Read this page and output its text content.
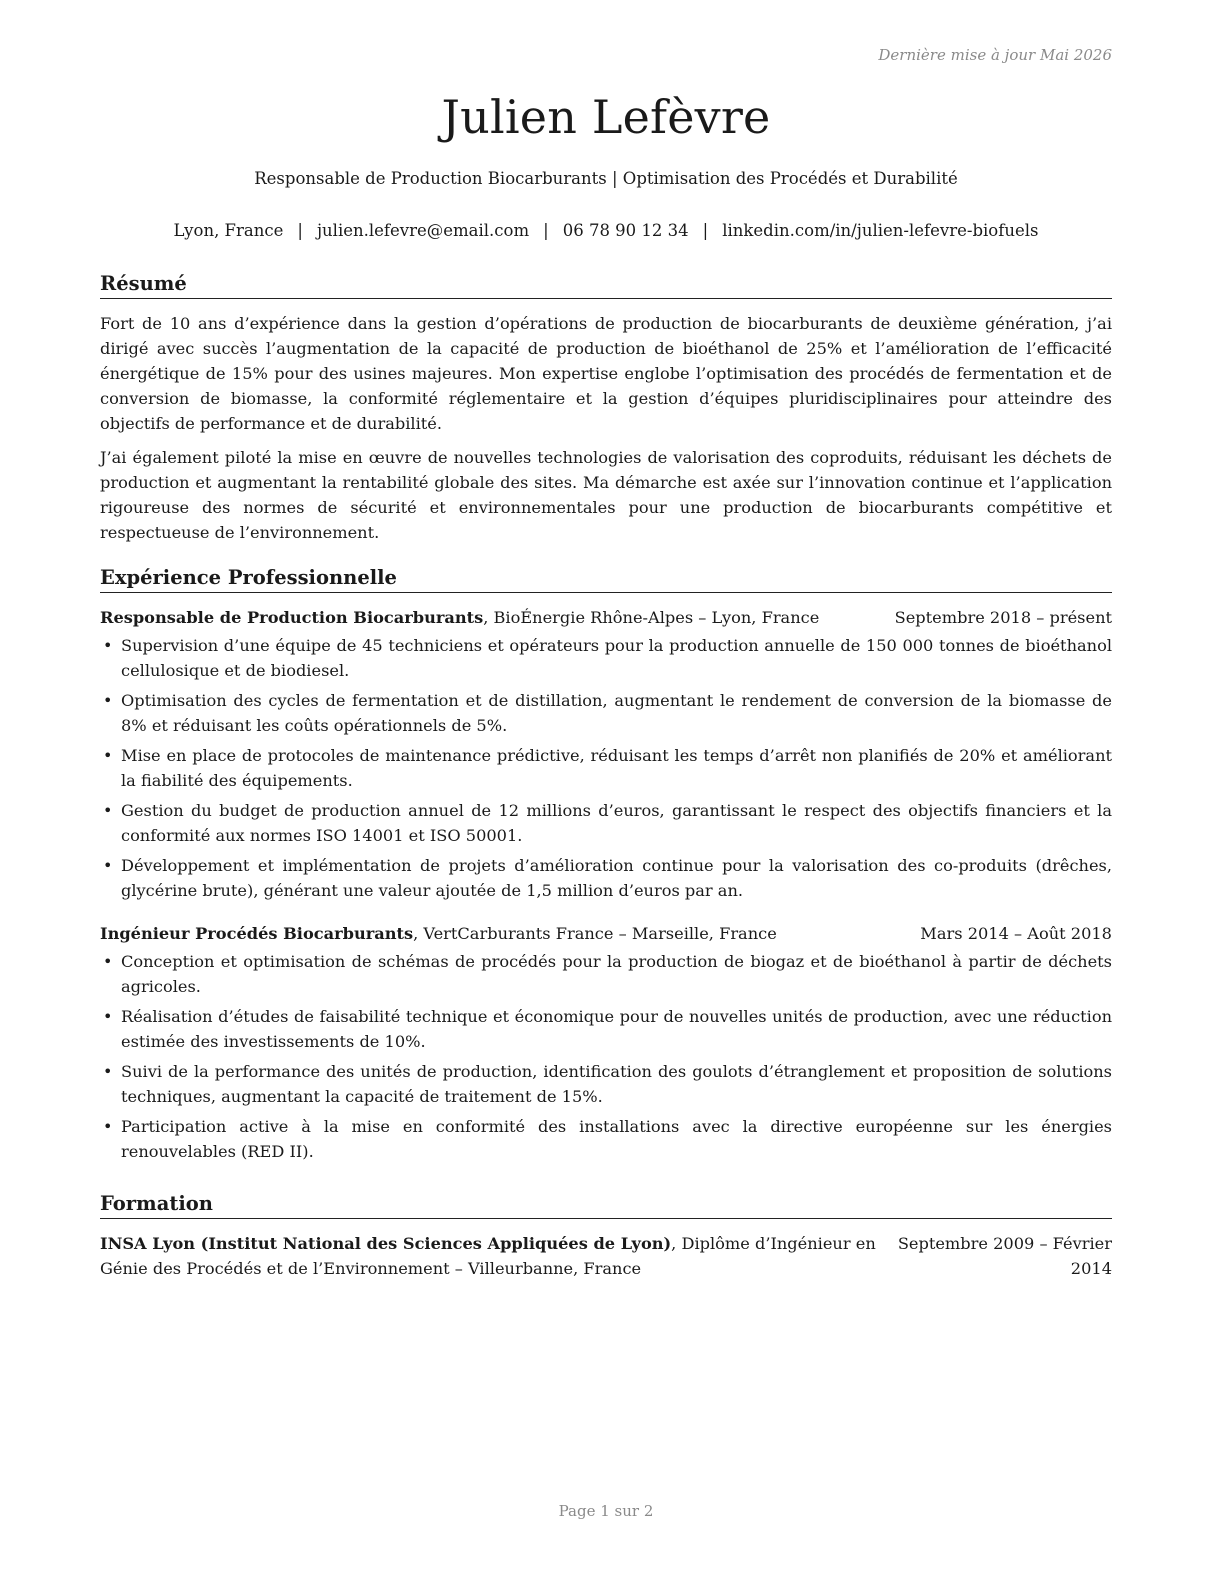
Dernière mise à jour Mai 2026
Julien Lefèvre
Responsable de Production Biocarburants | Optimisation des Procédés et Durabilité
Lyon, France | julien.lefevre@email.com | 06 78 90 12 34 | linkedin.com/in/julien-lefevre-biofuels
Résumé

Fort de 10 ans d’expérience dans la gestion d’opérations de production de biocarburants de deuxième génération, j’ai dirigé avec succès l’augmentation de la capacité de production de bioéthanol de 25% et l’amélioration de l’efficacité énergétique de 15% pour des usines majeures. Mon expertise englobe l’optimisation des procédés de fermentation et de conversion de biomasse, la conformité réglementaire et la gestion d’équipes pluridisciplinaires pour atteindre des objectifs de performance et de durabilité.

J’ai également piloté la mise en œuvre de nouvelles technologies de valorisation des coproduits, réduisant les déchets de production et augmentant la rentabilité globale des sites. Ma démarche est axée sur l’innovation continue et l’application rigoureuse des normes de sécurité et environnementales pour une production de biocarburants compétitive et respectueuse de l’environnement.

Expérience Professionnelle
Responsable de Production Biocarburants, BioÉnergie Rhône-Alpes – Lyon, France	Septembre 2018 – présent
• Supervision d’une équipe de 45 techniciens et opérateurs pour la production annuelle de 150 000 tonnes de bioéthanol cellulosique et de biodiesel.
• Optimisation des cycles de fermentation et de distillation, augmentant le rendement de conversion de la biomasse de 8% et réduisant les coûts opérationnels de 5%.
• Mise en place de protocoles de maintenance prédictive, réduisant les temps d’arrêt non planifiés de 20% et améliorant la fiabilité des équipements.
• Gestion du budget de production annuel de 12 millions d’euros, garantissant le respect des objectifs financiers et la conformité aux normes ISO 14001 et ISO 50001.
• Développement et implémentation de projets d’amélioration continue pour la valorisation des co-produits (drêches, glycérine brute), générant une valeur ajoutée de 1,5 million d’euros par an.
Ingénieur Procédés Biocarburants, VertCarburants France – Marseille, France	Mars 2014 – Août 2018
• Conception et optimisation de schémas de procédés pour la production de biogaz et de bioéthanol à partir de déchets agricoles.
• Réalisation d’études de faisabilité technique et économique pour de nouvelles unités de production, avec une réduction estimée des investissements de 10%.
• Suivi de la performance des unités de production, identification des goulots d’étranglement et proposition de solutions techniques, augmentant la capacité de traitement de 15%.
• Participation active à la mise en conformité des installations avec la directive européenne sur les énergies renouvelables (RED II).
Formation
INSA Lyon (Institut National des Sciences Appliquées de Lyon), Diplôme d’Ingénieur en
Génie des Procédés et de l’Environnement – Villeurbanne, France
Septembre 2009 – Février
2014
Page 1 sur 2
